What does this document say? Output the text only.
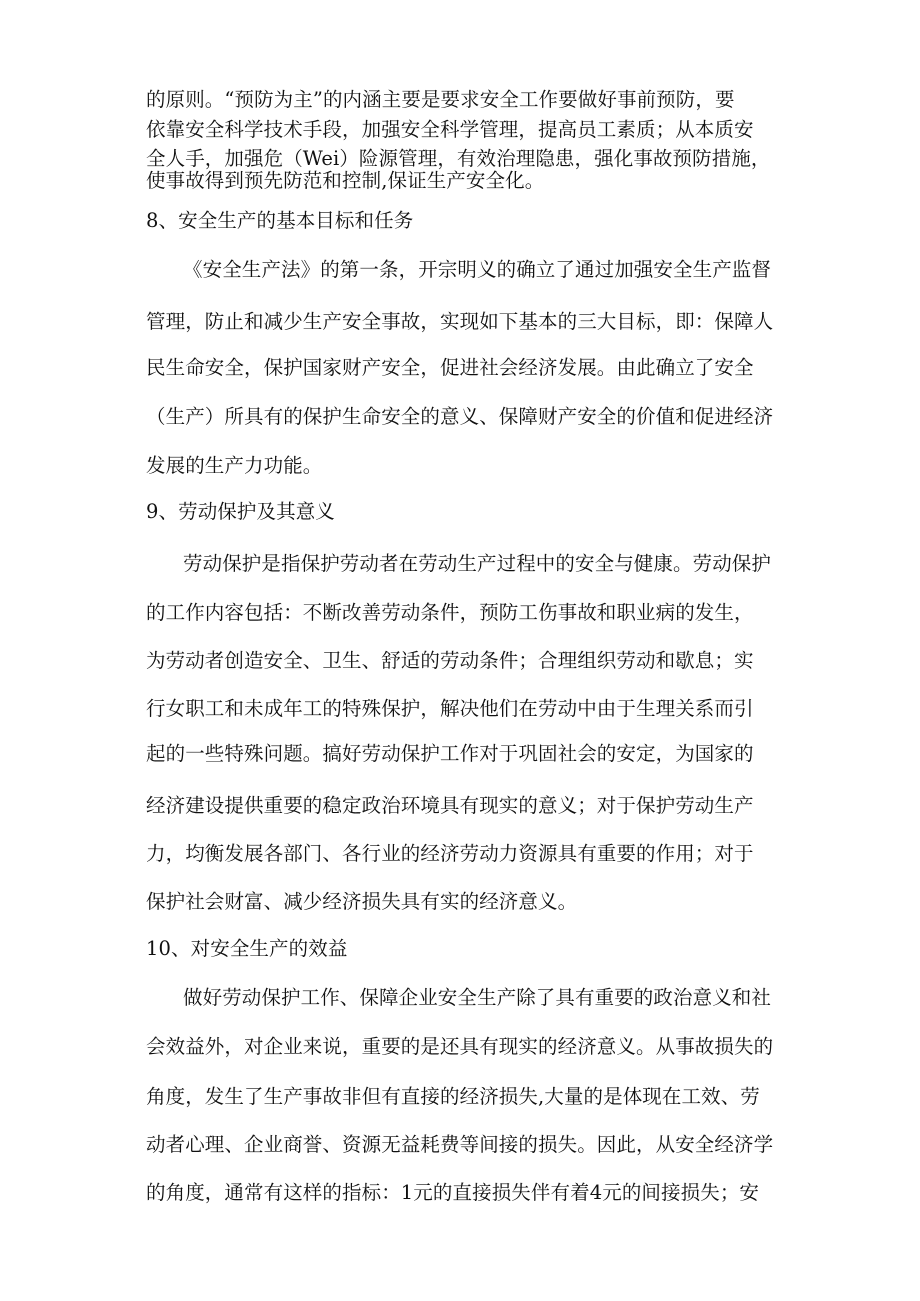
的原则。“预防为主”的内涵主要是要求安全工作要做好事前预防，要
依靠安全科学技术手段，加强安全科学管理，提高员工素质；从本质安
全人手，加强危（Wei）险源管理，有效治理隐患，强化事故预防措施，
使事故得到预先防范和控制,保证生产安全化。
8、安全生产的基本目标和任务
《安全生产法》的第一条，开宗明义的确立了通过加强安全生产监督
管理，防止和减少生产安全事故，实现如下基本的三大目标，即：保障人
民生命安全，保护国家财产安全，促进社会经济发展。由此确立了安全
（生产）所具有的保护生命安全的意义、保障财产安全的价值和促进经济
发展的生产力功能。
9、劳动保护及其意义
劳动保护是指保护劳动者在劳动生产过程中的安全与健康。劳动保护
的工作内容包括：不断改善劳动条件，预防工伤事故和职业病的发生，
为劳动者创造安全、卫生、舒适的劳动条件；合理组织劳动和歇息；实
行女职工和未成年工的特殊保护，解决他们在劳动中由于生理关系而引
起的一些特殊问题。搞好劳动保护工作对于巩固社会的安定，为国家的
经济建设提供重要的稳定政治环境具有现实的意义；对于保护劳动生产
力，均衡发展各部门、各行业的经济劳动力资源具有重要的作用；对于
保护社会财富、减少经济损失具有实的经济意义。
10、对安全生产的效益
做好劳动保护工作、保障企业安全生产除了具有重要的政治意义和社
会效益外，对企业来说，重要的是还具有现实的经济意义。从事故损失的
角度，发生了生产事故非但有直接的经济损失,大量的是体现在工效、劳
动者心理、企业商誉、资源无益耗费等间接的损失。因此，从安全经济学
的角度，通常有这样的指标：1元的直接损失伴有着4元的间接损失；安
